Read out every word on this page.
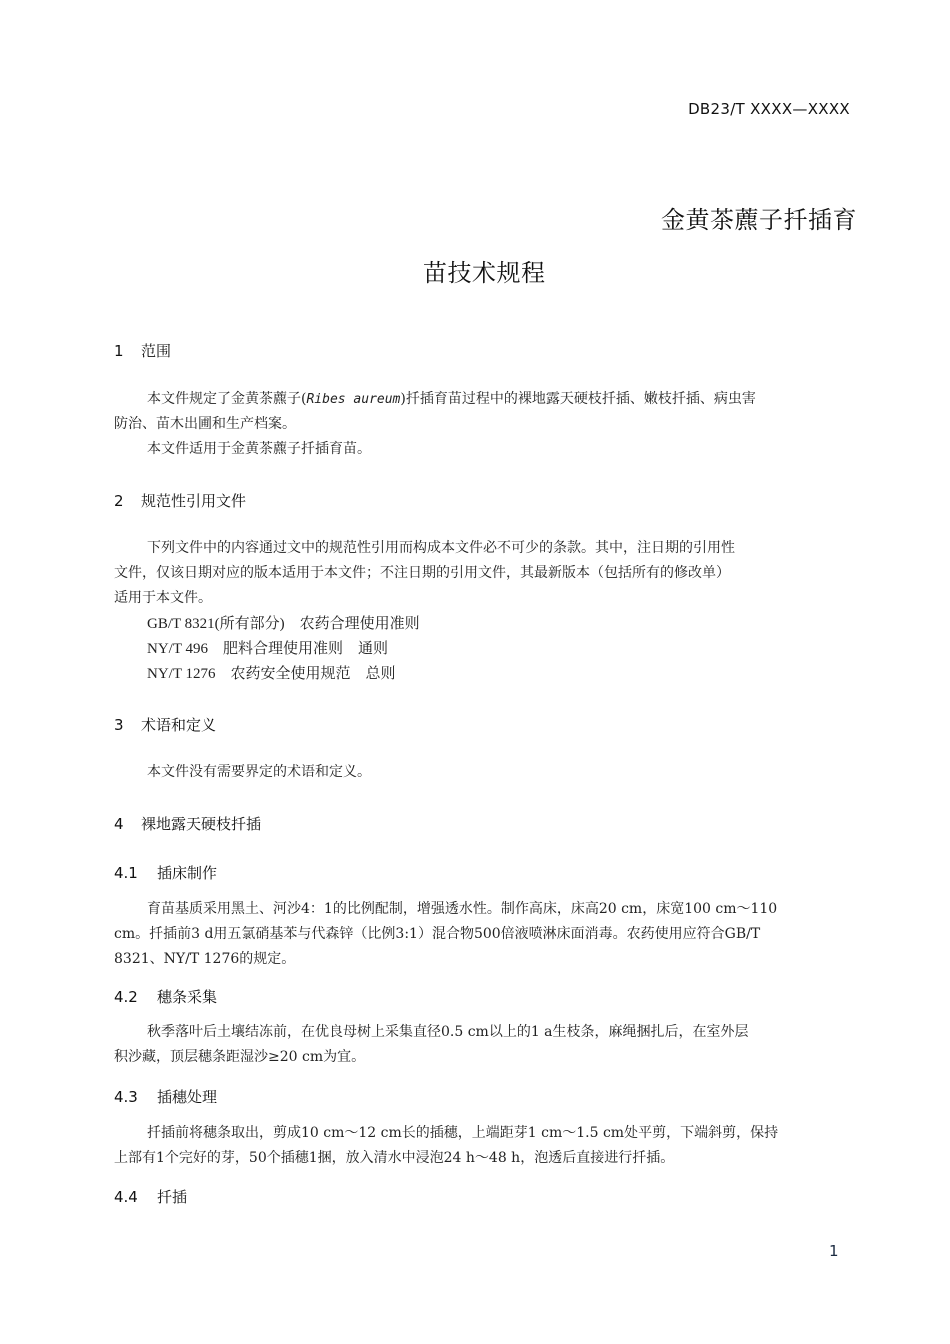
DB23/T XXXX—XXXX
金黄茶藨子扦插育
苗技术规程
1 范围
本文件规定了金黄茶藨子(Ribes aureum)扦插育苗过程中的裸地露天硬枝扦插、嫩枝扦插、病虫害
防治、苗木出圃和生产档案。
本文件适用于金黄茶藨子扦插育苗。
2 规范性引用文件
下列文件中的内容通过文中的规范性引用而构成本文件必不可少的条款。其中，注日期的引用性
文件，仅该日期对应的版本适用于本文件；不注日期的引用文件，其最新版本（包括所有的修改单）
适用于本文件。
GB/T 8321(所有部分)　 农药合理使用准则
NY/T 496　 肥料合理使用准则　通则
NY/T 1276　 农药安全使用规范　总则
3 术语和定义
本文件没有需要界定的术语和定义。
4 裸地露天硬枝扦插
4.1 插床制作
育苗基质采用黑土、河沙4：1的比例配制，增强透水性。制作高床，床高20 cm，床宽100 cm～110
cm。扦插前3 d用五氯硝基苯与代森锌（比例3:1）混合物500倍液喷淋床面消毒。农药使用应符合GB/T
8321、NY/T 1276的规定。
4.2 穗条采集
秋季落叶后土壤结冻前，在优良母树上采集直径0.5 cm以上的1 a生枝条，麻绳捆扎后，在室外层
积沙藏，顶层穗条距湿沙≥20 cm为宜。
4.3 插穗处理
扦插前将穗条取出，剪成10 cm～12 cm长的插穗，上端距芽1 cm～1.5 cm处平剪，下端斜剪，保持
上部有1个完好的芽，50个插穗1捆，放入清水中浸泡24 h～48 h，泡透后直接进行扦插。
4.4 扦插
1
